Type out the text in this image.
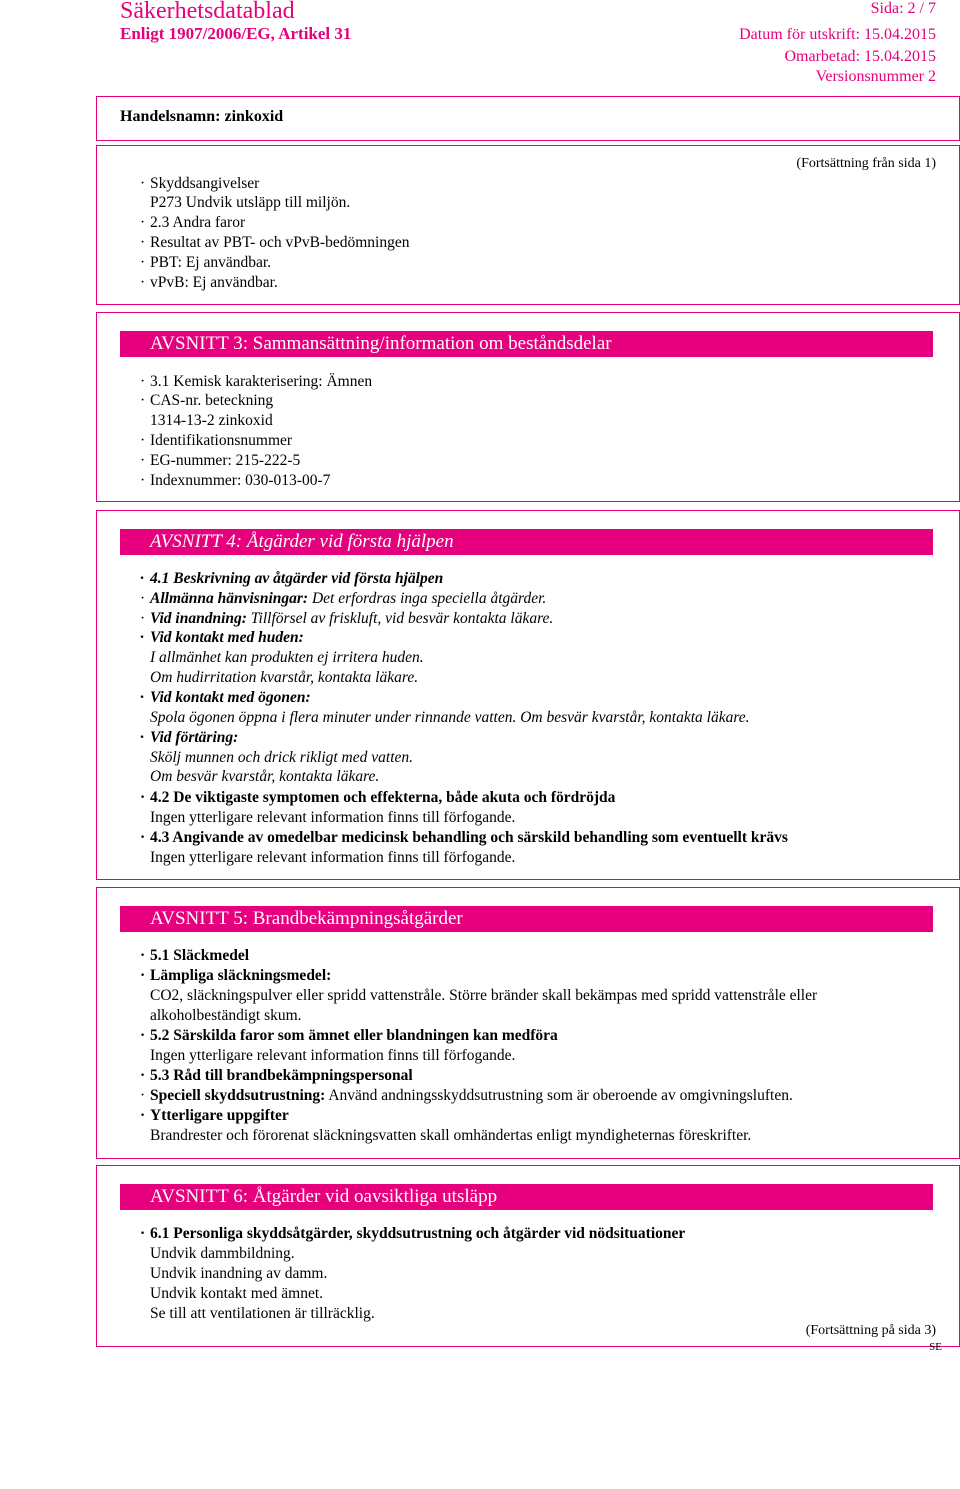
Säkerhetsdatablad
Enligt 1907/2006/EG, Artikel 31
Sida: 2 / 7
Datum för utskrift: 15.04.2015
Omarbetad: 15.04.2015
Versionsnummer 2
Handelsnamn: zinkoxid
(Fortsättning från sida 1)
· Skyddsangivelser
P273 Undvik utsläpp till miljön.
· 2.3 Andra faror
· Resultat av PBT- och vPvB-bedömningen
· PBT: Ej användbar.
· vPvB: Ej användbar.
AVSNITT 3: Sammansättning/information om beståndsdelar
· 3.1 Kemisk karakterisering: Ämnen
· CAS-nr. beteckning
1314-13-2 zinkoxid
· Identifikationsnummer
· EG-nummer: 215-222-5
· Indexnummer: 030-013-00-7
AVSNITT 4: Åtgärder vid första hjälpen
· 4.1 Beskrivning av åtgärder vid första hjälpen
· Allmänna hänvisningar: Det erfordras inga speciella åtgärder.
· Vid inandning: Tillförsel av friskluft, vid besvär kontakta läkare.
· Vid kontakt med huden:
I allmänhet kan produkten ej irritera huden.
Om hudirritation kvarstår, kontakta läkare.
· Vid kontakt med ögonen:
Spola ögonen öppna i flera minuter under rinnande vatten. Om besvär kvarstår, kontakta läkare.
· Vid förtäring:
Skölj munnen och drick rikligt med vatten.
Om besvär kvarstår, kontakta läkare.
· 4.2 De viktigaste symptomen och effekterna, både akuta och fördröjda
Ingen ytterligare relevant information finns till förfogande.
· 4.3 Angivande av omedelbar medicinsk behandling och särskild behandling som eventuellt krävs
Ingen ytterligare relevant information finns till förfogande.
AVSNITT 5: Brandbekämpningsåtgärder
· 5.1 Släckmedel
· Lämpliga släckningsmedel:
CO2, släckningspulver eller spridd vattenstråle. Större bränder skall bekämpas med spridd vattenstråle eller
alkoholbeständigt skum.
· 5.2 Särskilda faror som ämnet eller blandningen kan medföra
Ingen ytterligare relevant information finns till förfogande.
· 5.3 Råd till brandbekämpningspersonal
· Speciell skyddsutrustning: Använd andningsskyddsutrustning som är oberoende av omgivningsluften.
· Ytterligare uppgifter
Brandrester och förorenat släckningsvatten skall omhändertas enligt myndigheternas föreskrifter.
AVSNITT 6: Åtgärder vid oavsiktliga utsläpp
· 6.1 Personliga skyddsåtgärder, skyddsutrustning och åtgärder vid nödsituationer
Undvik dammbildning.
Undvik inandning av damm.
Undvik kontakt med ämnet.
Se till att ventilationen är tillräcklig.
(Fortsättning på sida 3)
SE
